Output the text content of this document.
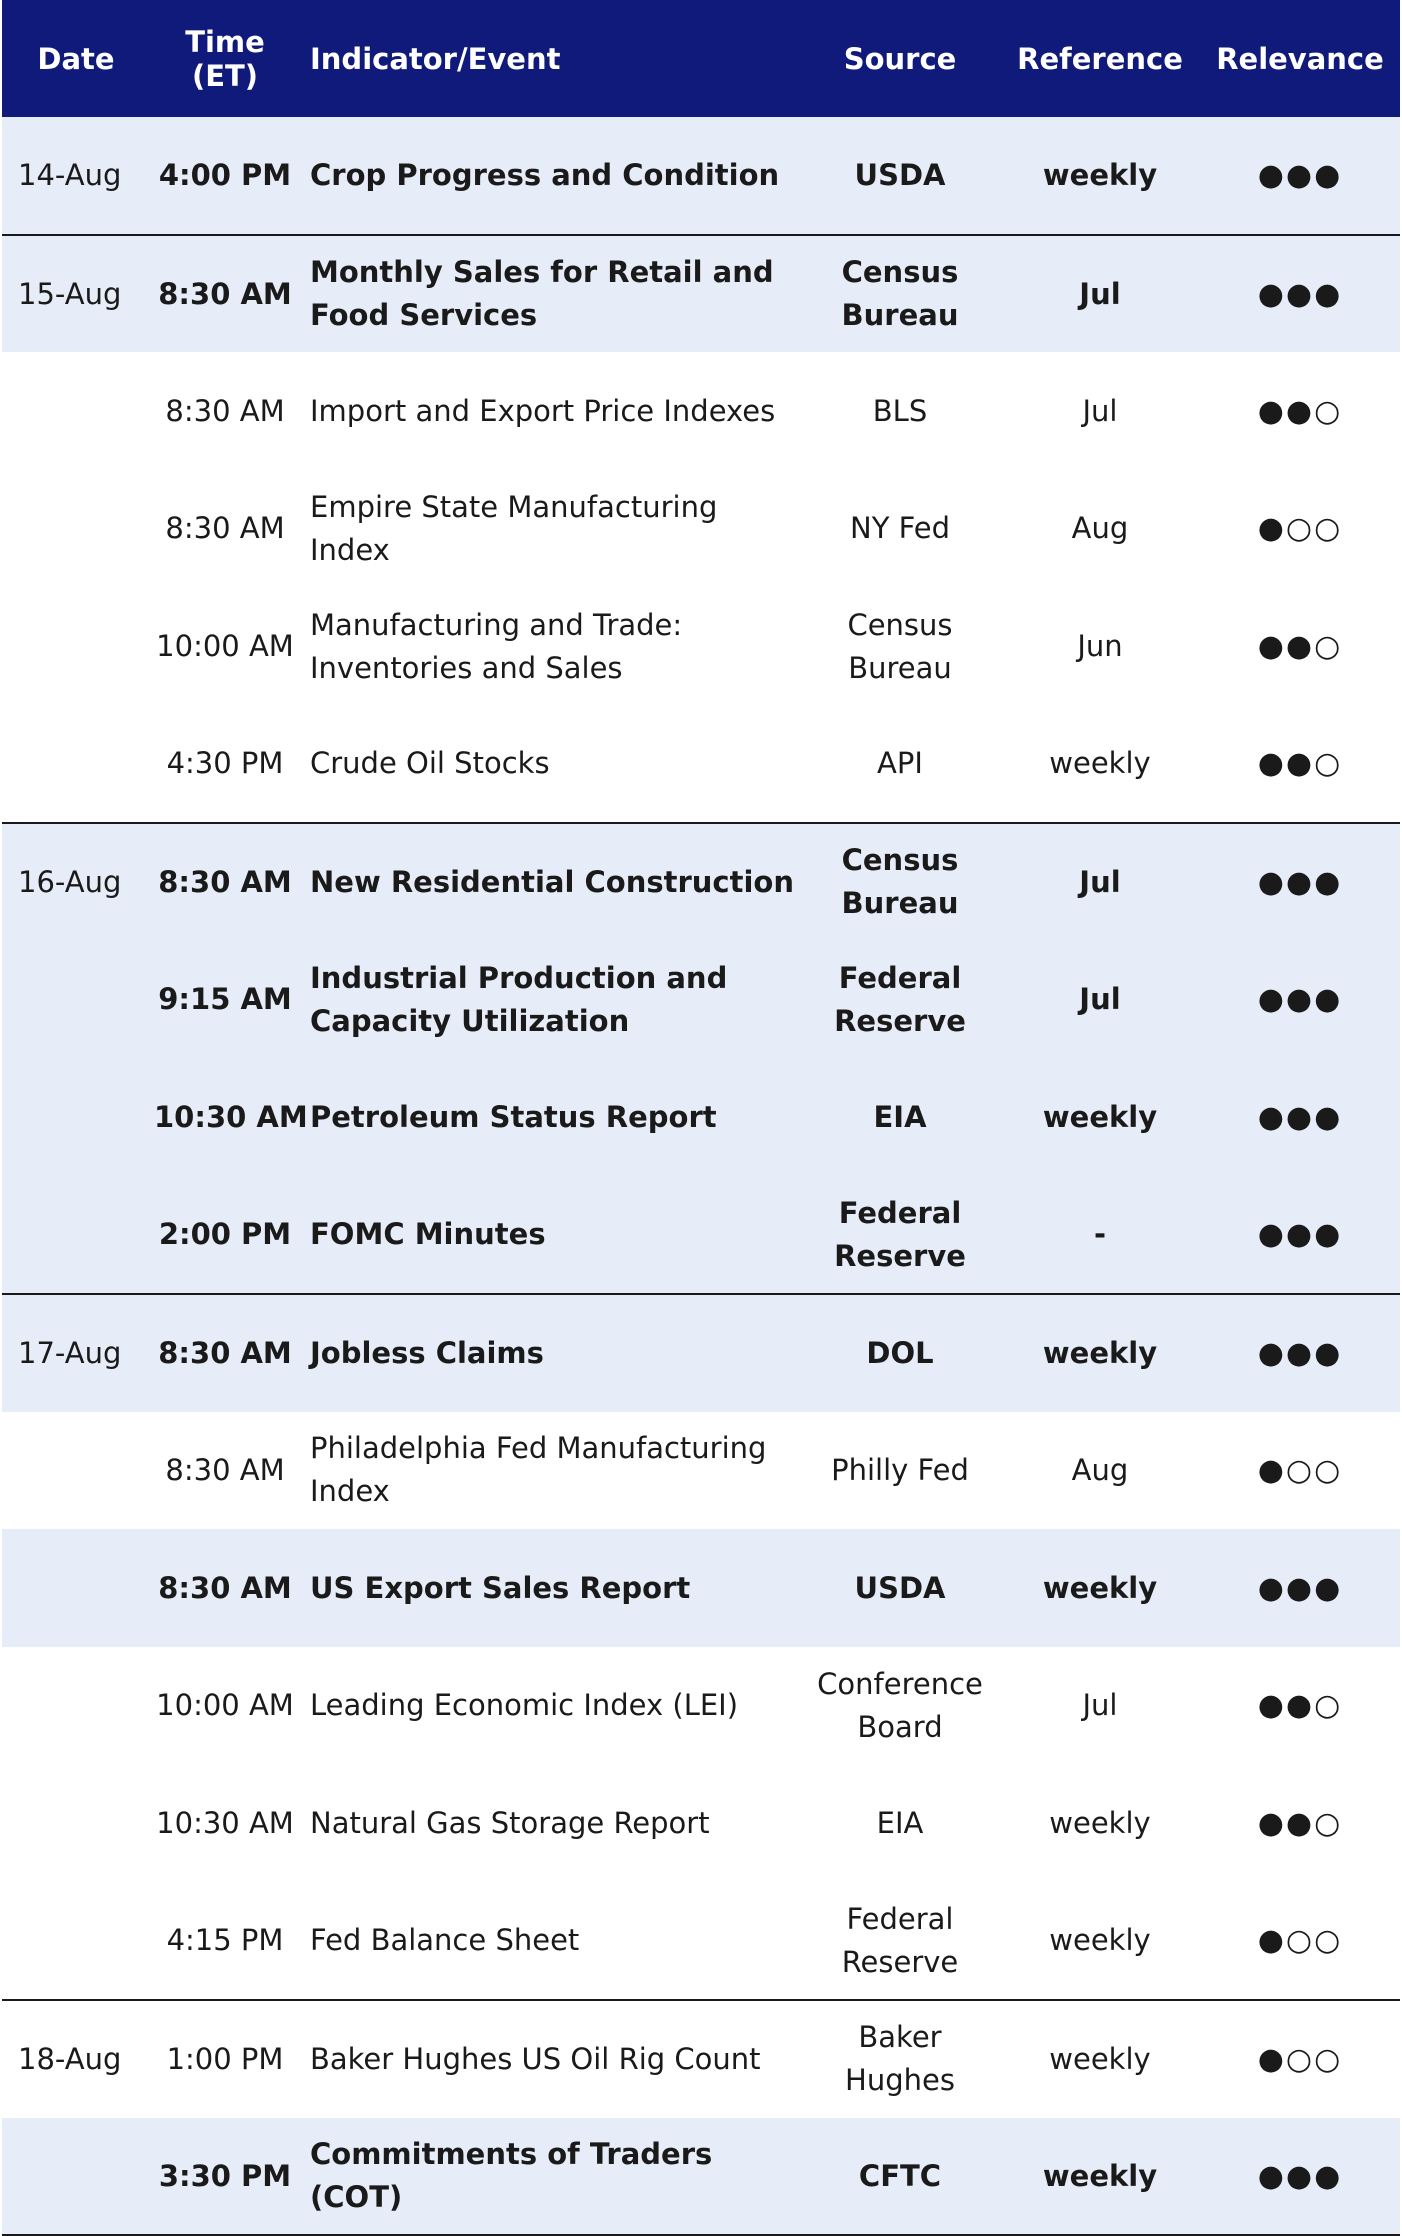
Date	Time (ET)	Indicator/Event	Source	Reference	Relevance
14-Aug	4:00 PM	Crop Progress and Condition	USDA	weekly	●●●
15-Aug	8:30 AM	Monthly Sales for Retail and Food Services	Census Bureau	Jul	●●●
	8:30 AM	Import and Export Price Indexes	BLS	Jul	●●○
	8:30 AM	Empire State Manufacturing Index	NY Fed	Aug	●○○
	10:00 AM	Manufacturing and Trade: Inventories and Sales	Census Bureau	Jun	●●○
	4:30 PM	Crude Oil Stocks	API	weekly	●●○
16-Aug	8:30 AM	New Residential Construction	Census Bureau	Jul	●●●
	9:15 AM	Industrial Production and Capacity Utilization	Federal Reserve	Jul	●●●
	10:30 AM	Petroleum Status Report	EIA	weekly	●●●
	2:00 PM	FOMC Minutes	Federal Reserve	-	●●●
17-Aug	8:30 AM	Jobless Claims	DOL	weekly	●●●
	8:30 AM	Philadelphia Fed Manufacturing Index	Philly Fed	Aug	●○○
	8:30 AM	US Export Sales Report	USDA	weekly	●●●
	10:00 AM	Leading Economic Index (LEI)	Conference Board	Jul	●●○
	10:30 AM	Natural Gas Storage Report	EIA	weekly	●●○
	4:15 PM	Fed Balance Sheet	Federal Reserve	weekly	●○○
18-Aug	1:00 PM	Baker Hughes US Oil Rig Count	Baker Hughes	weekly	●○○
	3:30 PM	Commitments of Traders (COT)	CFTC	weekly	●●●
